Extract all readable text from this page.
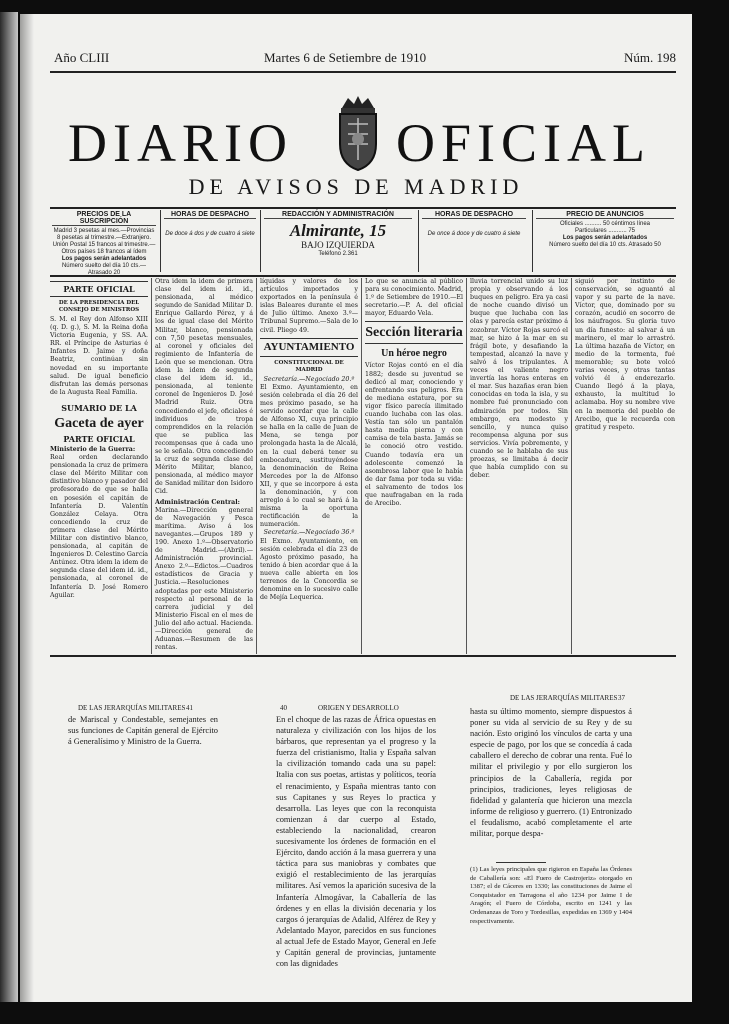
Año CLIII	Martes 6 de Setiembre de 1910	Núm. 198
DIARIO OFICIAL
DE AVISOS DE MADRID
PRECIOS DE LA SUSCRIPCIÓN
Madrid 3 pesetas al mes.—Provincias 8 pesetas al trimestre.—Extranjero. Unión Postal 15 francos al trimestre.—Otros países 18 francos al ídem
Los pagos serán adelantados
Número suelto del día 10 cts.—Atrasado 20
HORAS DE DESPACHO
De doce á dos y de cuatro á siete
REDACCIÓN Y ADMINISTRACIÓN
Almirante, 15
BAJO IZQUIERDA
Teléfono 2.361
HORAS DE DESPACHO
De once á doce y de cuatro á siete
PRECIO DE ANUNCIOS
Oficiales .......... 50 céntimos línea
Particulares ........... 75
Los pagos serán adelantados
Número suelto del día 10 cts. Atrasado 50
PARTE OFICIAL
DE LA PRESIDENCIA DEL CONSEJO DE MINISTROS
S. M. el Rey don Alfonso XIII (q. D. g.), S. M. la Reina doña Victoria Eugenia, y SS. AA. RR. el Príncipe de Asturias é Infantes D. Jaime y doña Beatriz, continúan sin novedad en su importante salud. De igual beneficio disfrutan las demás personas de la Augusta Real Familia.
SUMARIO DE LA
Gaceta de ayer
PARTE OFICIAL
Ministerio de la Guerra:
Real orden declarando pensionada la cruz de primera clase del Mérito Militar con distintivo blanco y pasador del profesorado de que se halla en posesión el capitán de Infantería D. Valentín González Celaya. Otra concediendo la cruz de primera clase del Mérito Militar con distintivo blanco, pensionada, al capitán de Ingenieros D. Celestino García Antúnez. Otra idem la idem de segunda clase del idem id. id., pensionada, al coronel de Infantería D. José Romero Aguilar.
Otra idem la idem de primera clase del idem id. id., pensionada, al médico segundo de Sanidad Militar D. Enrique Gallardo Pérez, y á los de igual clase del Mérito Militar, blanco, pensionada con 7,50 pesetas mensuales, al coronel y oficiales del regimiento de Infantería de León que se mencionan. Otra idem la idem de segunda clase del idem id. id., pensionada, al teniente coronel de Ingenieros D. José Madrid Ruiz. Otra concediendo el jefe, oficiales é individuos de tropa comprendidos en la relación que se publica las recompensas que á cada uno se le señala. Otra concediendo la cruz de segunda clase del Mérito Militar, blanco, pensionada, al médico mayor de Sanidad militar don Isidoro Cid.
Administración Central:
Marina.—Dirección general de Navegación y Pesca marítima. Aviso á los navegantes.—Grupos 189 y 190. Anexo 1.º—Observatorio de Madrid.—(Abril).—Administración provincial. Anexo 2.º—Edictos.—Cuadros estadísticos de Gracia y Justicia.—Resoluciones adoptadas por este Ministerio respecto al personal de la carrera judicial y del Ministerio Fiscal en el mes de Julio del año actual. Hacienda.—Dirección general de Aduanas.—Resumen de las rentas.
líquidas y valores de los artículos importados y exportados en la península é islas Baleares durante el mes de Julio último. Anexo 3.º—Tribunal Supremo.—Sala de lo civil. Pliego 49.
AYUNTAMIENTO
CONSTITUCIONAL DE MADRID
Secretaría.—Negociado 20.º
El Exmo. Ayuntamiento, en sesión celebrada el día 26 del mes próximo pasado, se ha servido acordar que la calle de Alfonso XI, cuya principio se halla en la calle de Juan de Mena, se tenga por prolongada hasta la de Alcalá, en la cual deberá tener su embocadura, sustituyéndose la denominación de Reina Mercedes por la de Alfonso XII, y que se incorpore á esta la denominación, y con arreglo á lo cual se hará á la misma la oportuna rectificación de la numeración.
Secretaría.—Negociado 36.º
El Exmo. Ayuntamiento, en sesión celebrada el día 23 de Agosto próximo pasado, ha tenido á bien acordar que á la nueva calle abierta en los terrenos de la Concordia se denomine en lo sucesivo calle de Mejía Lequerica.
Lo que se anuncia al público para su conocimiento. Madrid, 1.º de Setiembre de 1910.—El secretario.—P. A. del oficial mayor, Eduardo Vela.
Sección literaria
Un héroe negro
Víctor Rojas contó en el día 1882; desde su juventud se dedicó al mar, conociendo y enfrentando sus peligros. Era de mediana estatura, por su vigor físico parecía ilimitado cuando luchaba con las olas. Vestía tan sólo un pantalón hasta media pierna y con camisa de tela basta. Jamás se le conoció otro vestido. Cuando todavía era un adolescente comenzó la asombrosa labor que le había de dar fama por toda su vida: el salvamento de todos los que naufragaban en la rada de Arecibo.
lluvia torrencial unido su luz propia y observando á los buques en peligro. Era ya casi de noche cuando divisó un buque que luchaba con las olas y parecía estar próximo á zozobrar. Víctor Rojas surcó el mar, se hizo á la mar en su frágil bote, y desafiando la tempestad, alcanzó la nave y salvó á los tripulantes. A veces el valiente negro invertía las horas enteras en el mar. Sus hazañas eran bien conocidas en toda la isla, y su nombre fué pronunciado con admiración por todos. Sin embargo, era modesto y sencillo, y nunca quiso recompensa alguna por sus servicios. Vivía pobremente, y cuando se le hablaba de sus proezas, se limitaba á decir que había cumplido con su deber.
siguió por instinto de conservación, se aguantó al vapor y su parte de la nave. Víctor, que, dominado por su corazón, acudió en socorro de los náufragos. Su gloria tuvo un día funesto: al salvar á un marinero, el mar lo arrastró. La última hazaña de Víctor, en medio de la tormenta, fué memorable; su bote volcó varias veces, y otras tantas volvió él á enderezarlo. Cuando llegó á la playa, exhausto, la multitud lo aclamaba. Hoy su nombre vive en la memoria del pueblo de Arecibo, que le recuerda con gratitud y respeto.
DE LAS JERARQUÍAS MILITARES 41
de Mariscal y Condestable, semejantes en sus funciones de Capitán general de Ejército á Generalísimo y Ministro de la Guerra.
40	ORIGEN Y DESARROLLO
En el choque de las razas de África opuestas en naturaleza y civilización con los hijos de los bárbaros, que representan ya el progreso y la fuerza del cristianismo, Italia y España salvan la civilización tomando cada una su papel: Italia con sus poetas, artistas y políticos, teoría el renacimiento, y España mientras tanto con sus Capitanes y sus Reyes lo practica y desarrolla. Las leyes que con la reconquista comienzan á dar cuerpo al Estado, estableciendo la nacionalidad, crearon sucesivamente los órdenes de formación en el Ejército, dando acción á la masa guerrera y una táctica para sus maniobras y combates que exigió el restablecimiento de las jerarquías militares. Así vemos la aparición sucesiva de la Infantería Almogávar, la Caballería de las órdenes y en ellas la división decenaria y los cargos ó jerarquías de Adalid, Alférez de Rey y Adelantado Mayor, parecidos en sus funciones al actual Jefe de Estado Mayor, General en Jefe y Capitán general de provincias, juntamente con las dignidades
DE LAS JERARQUÍAS MILITARES 37
hasta su último momento, siempre dispuestos á poner su vida al servicio de su Rey y de su nación. Esto originó los vínculos de carta y una especie de pago, por los que se concedía á cada caballero el derecho de cobrar una renta. Fué lo militar el privilegio y por ello surgieron los principios de la Caballería, regida por principios, tradiciones, leyes religiosas de fidelidad y galantería que hicieron una mezcla informe de religioso y guerrero. (1) Entronizado el feudalismo, acabó completamente el arte militar, porque despa-
(1) Las leyes principales que rigieron en España las Órdenes de Caballería son: «El Fuero de Castrojeriz» otorgado en 1387; el de Cáceres en 1330; las constituciones de Jaime el Conquistador en Tarragona el año 1234 por Jaime I de Aragón; el Fuero de Córdoba, escrito en 1241 y las Ordenanzas de Toro y Tordesillas, expedidas en 1369 y 1404 respectivamente.
